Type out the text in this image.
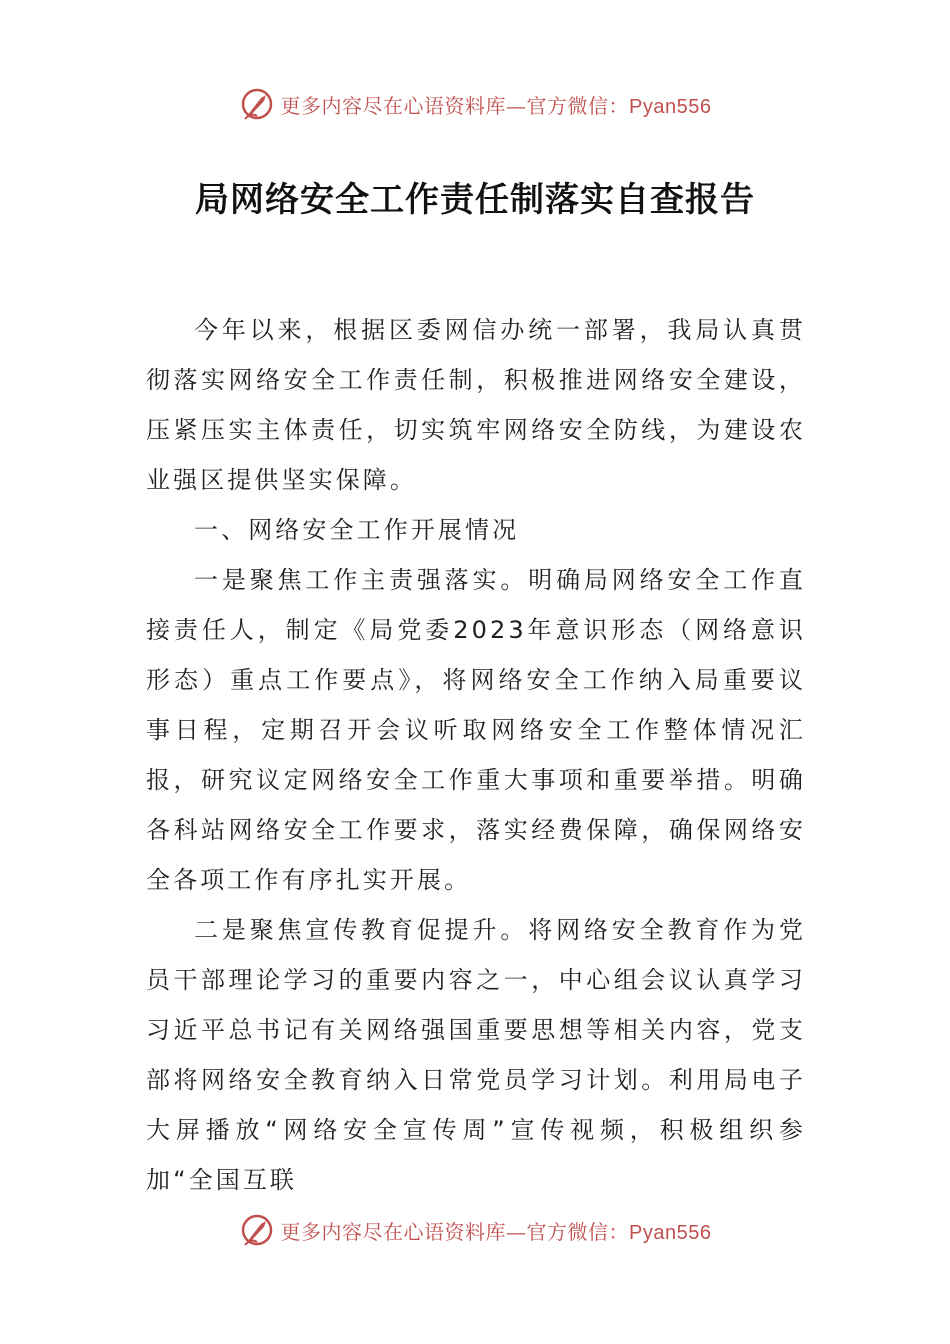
更多内容尽在心语资料库—官方微信：Pyan556
局网络安全工作责任制落实自查报告

今年以来，根据区委网信办统一部署，我局认真贯彻落实网络安全工作责任制，积极推进网络安全建设，压紧压实主体责任，切实筑牢网络安全防线，为建设农业强区提供坚实保障。

一、网络安全工作开展情况

一是聚焦工作主责强落实。明确局网络安全工作直接责任人，制定《局党委2023年意识形态（网络意识形态）重点工作要点》，将网络安全工作纳入局重要议事日程，定期召开会议听取网络安全工作整体情况汇报，研究议定网络安全工作重大事项和重要举措。明确各科站网络安全工作要求，落实经费保障，确保网络安全各项工作有序扎实开展。

二是聚焦宣传教育促提升。将网络安全教育作为党员干部理论学习的重要内容之一，中心组会议认真学习习近平总书记有关网络强国重要思想等相关内容，党支部将网络安全教育纳入日常党员学习计划。利用局电子大屏播放“网络安全宣传周”宣传视频，积极组织参加“全国互联

更多内容尽在心语资料库—官方微信：Pyan556
